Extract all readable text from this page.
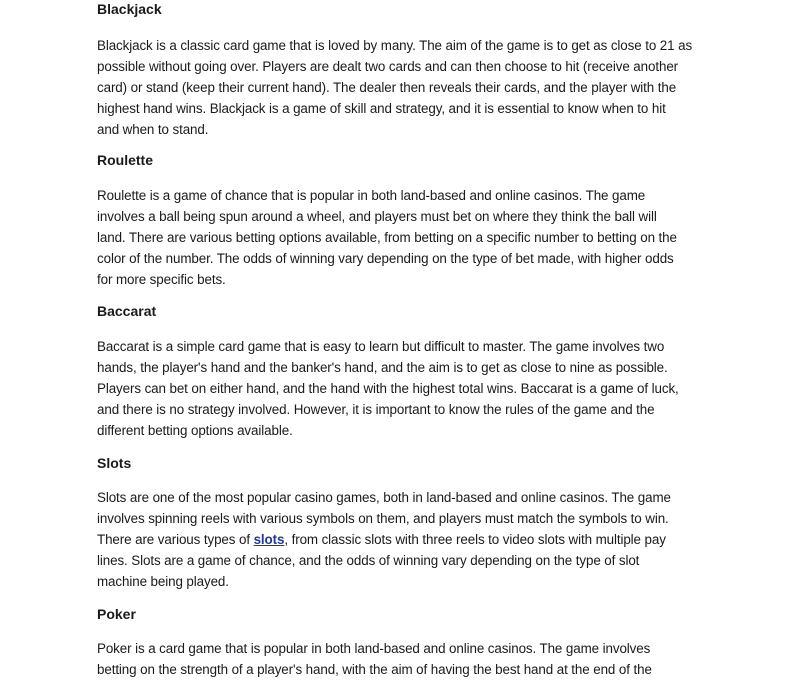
Blackjack

Blackjack is a classic card game that is loved by many. The aim of the game is to get as close to 21 as

possible without going over. Players are dealt two cards and can then choose to hit (receive another

card) or stand (keep their current hand). The dealer then reveals their cards, and the player with the

highest hand wins. Blackjack is a game of skill and strategy, and it is essential to know when to hit

and when to stand.

Roulette

Roulette is a game of chance that is popular in both land-based and online casinos. The game

involves a ball being spun around a wheel, and players must bet on where they think the ball will

land. There are various betting options available, from betting on a specific number to betting on the

color of the number. The odds of winning vary depending on the type of bet made, with higher odds

for more specific bets.

Baccarat

Baccarat is a simple card game that is easy to learn but difficult to master. The game involves two

hands, the player's hand and the banker's hand, and the aim is to get as close to nine as possible.

Players can bet on either hand, and the hand with the highest total wins. Baccarat is a game of luck,

and there is no strategy involved. However, it is important to know the rules of the game and the

different betting options available.

Slots

Slots are one of the most popular casino games, both in land-based and online casinos. The game

involves spinning reels with various symbols on them, and players must match the symbols to win.

There are various types of slots, from classic slots with three reels to video slots with multiple pay

lines. Slots are a game of chance, and the odds of winning vary depending on the type of slot

machine being played.

Poker

Poker is a card game that is popular in both land-based and online casinos. The game involves

betting on the strength of a player's hand, with the aim of having the best hand at the end of the
